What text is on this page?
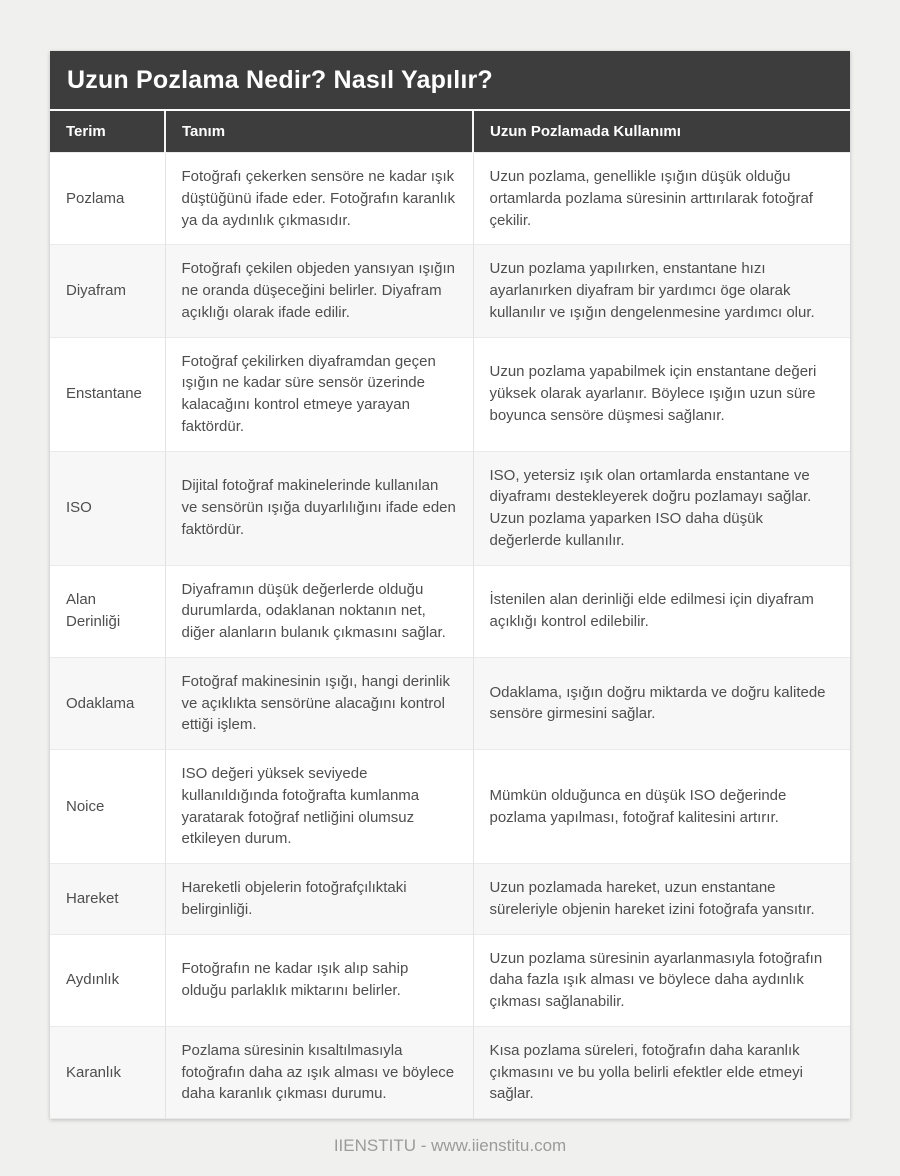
Uzun Pozlama Nedir? Nasıl Yapılır?
Terim	Tanım	Uzun Pozlamada Kullanımı
Pozlama	Fotoğrafı çekerken sensöre ne kadar ışık düştüğünü ifade eder. Fotoğrafın karanlık ya da aydınlık çıkmasıdır.	Uzun pozlama, genellikle ışığın düşük olduğu ortamlarda pozlama süresinin arttırılarak fotoğraf çekilir.
Diyafram	Fotoğrafı çekilen objeden yansıyan ışığın ne oranda düşeceğini belirler. Diyafram açıklığı olarak ifade edilir.	Uzun pozlama yapılırken, enstantane hızı ayarlanırken diyafram bir yardımcı öge olarak kullanılır ve ışığın dengelenmesine yardımcı olur.
Enstantane	Fotoğraf çekilirken diyaframdan geçen ışığın ne kadar süre sensör üzerinde kalacağını kontrol etmeye yarayan faktördür.	Uzun pozlama yapabilmek için enstantane değeri yüksek olarak ayarlanır. Böylece ışığın uzun süre boyunca sensöre düşmesi sağlanır.
ISO	Dijital fotoğraf makinelerinde kullanılan ve sensörün ışığa duyarlılığını ifade eden faktördür.	ISO, yetersiz ışık olan ortamlarda enstantane ve diyaframı destekleyerek doğru pozlamayı sağlar. Uzun pozlama yaparken ISO daha düşük değerlerde kullanılır.
Alan Derinliği	Diyaframın düşük değerlerde olduğu durumlarda, odaklanan noktanın net, diğer alanların bulanık çıkmasını sağlar.	İstenilen alan derinliği elde edilmesi için diyafram açıklığı kontrol edilebilir.
Odaklama	Fotoğraf makinesinin ışığı, hangi derinlik ve açıklıkta sensörüne alacağını kontrol ettiği işlem.	Odaklama, ışığın doğru miktarda ve doğru kalitede sensöre girmesini sağlar.
Noice	ISO değeri yüksek seviyede kullanıldığında fotoğrafta kumlanma yaratarak fotoğraf netliğini olumsuz etkileyen durum.	Mümkün olduğunca en düşük ISO değerinde pozlama yapılması, fotoğraf kalitesini artırır.
Hareket	Hareketli objelerin fotoğrafçılıktaki belirginliği.	Uzun pozlamada hareket, uzun enstantane süreleriyle objenin hareket izini fotoğrafa yansıtır.
Aydınlık	Fotoğrafın ne kadar ışık alıp sahip olduğu parlaklık miktarını belirler.	Uzun pozlama süresinin ayarlanmasıyla fotoğrafın daha fazla ışık alması ve böylece daha aydınlık çıkması sağlanabilir.
Karanlık	Pozlama süresinin kısaltılmasıyla fotoğrafın daha az ışık alması ve böylece daha karanlık çıkması durumu.	Kısa pozlama süreleri, fotoğrafın daha karanlık çıkmasını ve bu yolla belirli efektler elde etmeyi sağlar.
IIENSTITU - www.iienstitu.com
